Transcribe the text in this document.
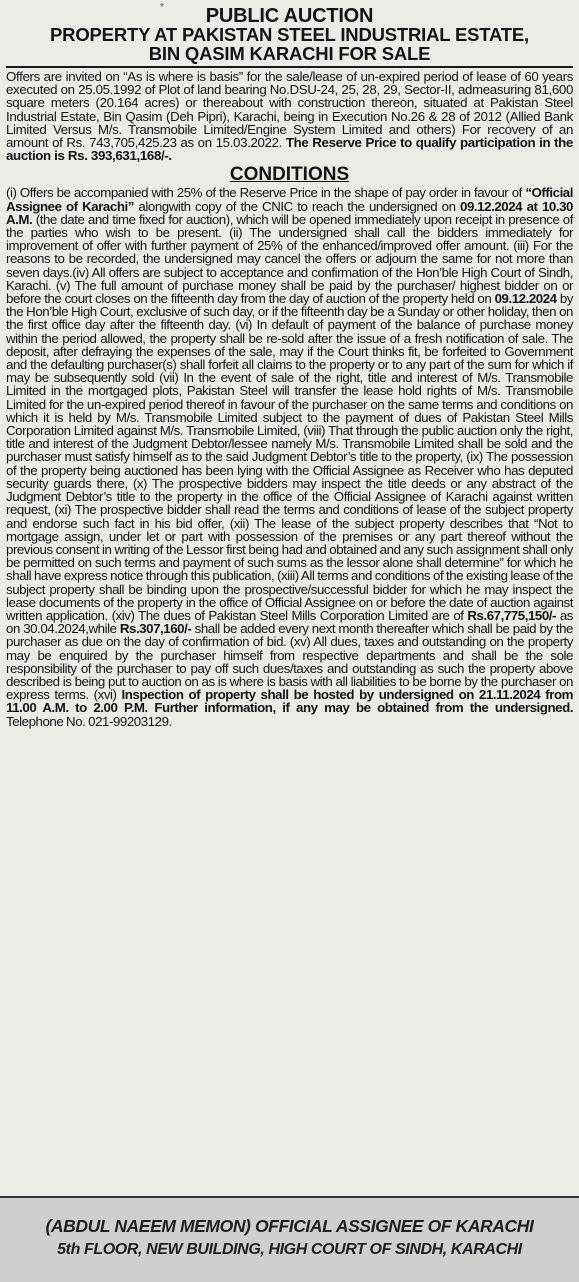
*	PUBLIC AUCTION
PROPERTY AT PAKISTAN STEEL INDUSTRIAL ESTATE,
BIN QASIM KARACHI FOR SALE
Offers are invited on “As is where is basis” for the sale/lease of un-expired period of lease of 60 years executed on 25.05.1992 of Plot of land bearing No.DSU-24, 25, 28, 29, Sector-II, admeasuring 81,600 square meters (20.164 acres) or thereabout with construction thereon, situated at Pakistan Steel Industrial Estate, Bin Qasim (Deh Pipri), Karachi, being in Execution No.26 & 28 of 2012 (Allied Bank Limited Versus M/s. Transmobile Limited/Engine System Limited and others) For recovery of an amount of Rs. 743,705,425.23 as on 15.03.2022. The Reserve Price to qualify participation in the auction is Rs. 393,631,168/-.
CONDITIONS
(i) Offers be accompanied with 25% of the Reserve Price in the shape of pay order in favour of “Official Assignee of Karachi” alongwith copy of the CNIC to reach the undersigned on 09.12.2024 at 10.30 A.M. (the date and time fixed for auction), which will be opened immediately upon receipt in presence of the parties who wish to be present. (ii) The undersigned shall call the bidders immediately for improvement of offer with further payment of 25% of the enhanced/improved offer amount. (iii) For the reasons to be recorded, the undersigned may cancel the offers or adjourn the same for not more than seven days.(iv) All offers are subject to acceptance and confirmation of the Hon’ble High Court of Sindh, Karachi. (v) The full amount of purchase money shall be paid by the purchaser/ highest bidder on or before the court closes on the fifteenth day from the day of auction of the property held on 09.12.2024 by the Hon’ble High Court, exclusive of such day, or if the fifteenth day be a Sunday or other holiday, then on the first office day after the fifteenth day. (vi) In default of payment of the balance of purchase money within the period allowed, the property shall be re-sold after the issue of a fresh notification of sale. The deposit, after defraying the expenses of the sale, may if the Court thinks fit, be forfeited to Government and the defaulting purchaser(s) shall forfeit all claims to the property or to any part of the sum for which if may be subsequently sold (vii) In the event of sale of the right, title and interest of M/s. Transmobile Limited in the mortgaged plots, Pakistan Steel will transfer the lease hold rights of M/s. Transmobile Limited for the un-expired period thereof in favour of the purchaser on the same terms and conditions on which it is held by M/s. Transmobile Limited subject to the payment of dues of Pakistan Steel Mills Corporation Limited against M/s. Transmobile Limited, (viii) That through the public auction only the right, title and interest of the Judgment Debtor/lessee namely M/s. Transmobile Limited shall be sold and the purchaser must satisfy himself as to the said Judgment Debtor’s title to the property, (ix) The possession of the property being auctioned has been lying with the Official Assignee as Receiver who has deputed security guards there, (x) The prospective bidders may inspect the title deeds or any abstract of the Judgment Debtor’s title to the property in the office of the Official Assignee of Karachi against written request, (xi) The prospective bidder shall read the terms and conditions of lease of the subject property and endorse such fact in his bid offer, (xii) The lease of the subject property describes that “Not to mortgage assign, under let or part with possession of the premises or any part thereof without the previous consent in writing of the Lessor first being had and obtained and any such assignment shall only be permitted on such terms and payment of such sums as the lessor alone shall determine” for which he shall have express notice through this publication, (xiii) All terms and conditions of the existing lease of the subject property shall be binding upon the prospective/successful bidder for which he may inspect the lease documents of the property in the office of Official Assignee on or before the date of auction against written application. (xiv) The dues of Pakistan Steel Mills Corporation Limited are of Rs.67,775,150/- as on 30.04.2024,while Rs.307,160/- shall be added every next month thereafter which shall be paid by the purchaser as due on the day of confirmation of bid. (xv) All dues, taxes and outstanding on the property may be enquired by the purchaser himself from respective departments and shall be the sole responsibility of the purchaser to pay off such dues/taxes and outstanding as such the property above described is being put to auction on as is where is basis with all liabilities to be borne by the purchaser on express terms. (xvi) Inspection of property shall be hosted by undersigned on 21.11.2024 from 11.00 A.M. to 2.00 P.M. Further information, if any may be obtained from the undersigned. Telephone No. 021-99203129.
(ABDUL NAEEM MEMON) OFFICIAL ASSIGNEE OF KARACHI
5th FLOOR, NEW BUILDING, HIGH COURT OF SINDH, KARACHI
